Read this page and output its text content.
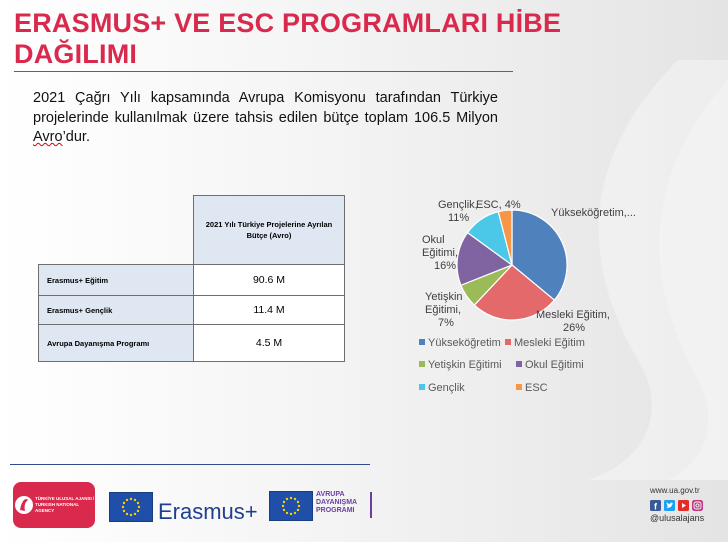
ERASMUS+ VE ESC PROGRAMLARI HİBE
DAĞILIMI

2021 Çağrı Yılı kapsamında Avrupa Komisyonu tarafından Türkiye projelerinde kullanılmak üzere tahsis edilen bütçe toplam 106.5 Milyon Avro’dur.

	2021 Yılı Türkiye Projelerine Ayrılan Bütçe (Avro)
Erasmus+ Eğitim	90.6 M
Erasmus+ Gençlik	11.4 M
Avrupa Dayanışma Programı	4.5 M
Yükseköğretim,...
Mesleki Eğitim, 26%
Yetişkin Eğitimi, 7%
Okul Eğitimi, 16%
Gençlik, 11%
ESC, 4%
Yükseköğretim	Mesleki Eğitim
Yetişkin Eğitimi	Okul Eğitimi
Gençlik	ESC
TÜRKİYE ULUSAL AJANSI / TURKISH NATIONAL AGENCY	Erasmus+
AVRUPA DAYANIŞMA PROGRAMI
www.ua.gov.tr
f
@ulusalajans
